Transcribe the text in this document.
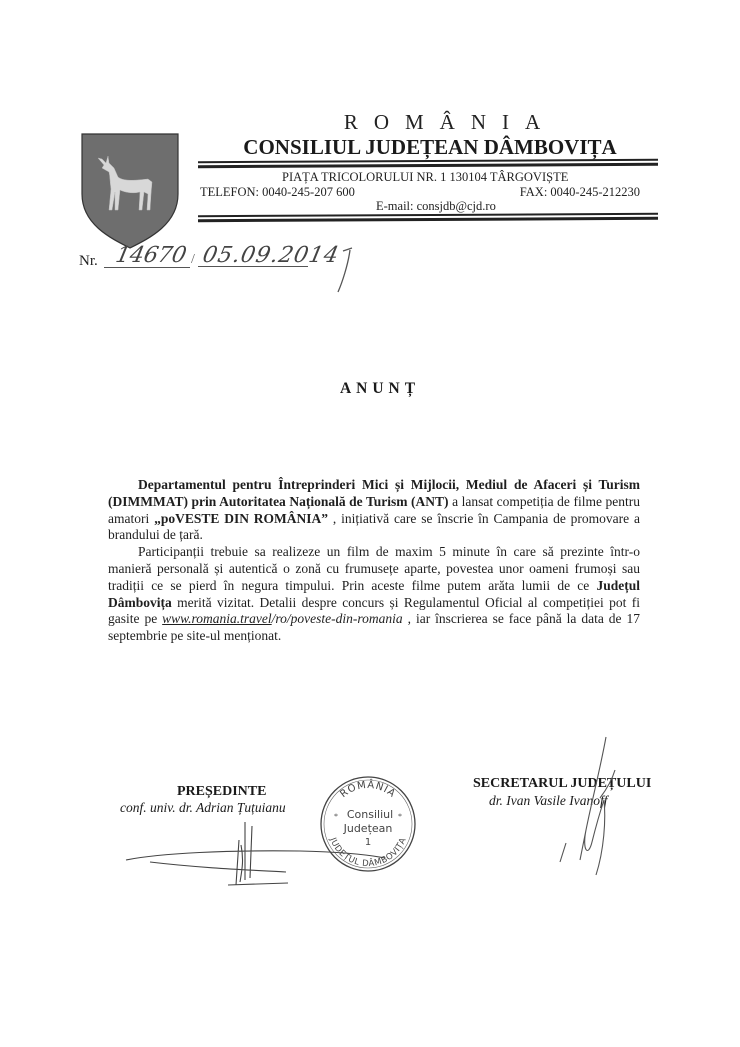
ROMÂNIA
CONSILIUL JUDEȚEAN DÂMBOVIȚA
PIAȚA TRICOLORULUI NR. 1 130104 TÂRGOVIȘTE
TELEFON: 0040-245-207 600	FAX: 0040-245-212230
E-mail: consjdb@cjd.ro
Nr. 14670 / 05.09.2014
ANUNȚ

Departamentul pentru Întreprinderi Mici și Mijlocii, Mediul de Afaceri și Turism (DIMMMAT) prin Autoritatea Națională de Turism (ANT) a lansat competiția de filme pentru amatori „poVESTE DIN ROMÂNIA” , inițiativă care se înscrie în Campania de promovare a brandului de țară.

Participanții trebuie sa realizeze un film de maxim 5 minute în care să prezinte într-o manieră personală și autentică o zonă cu frumusețe aparte, povestea unor oameni frumoși sau tradiții ce se pierd în negura timpului. Prin aceste filme putem arăta lumii de ce Județul Dâmbovița merită vizitat. Detalii despre concurs și Regulamentul Oficial al competiției pot fi gasite pe www.romania.travel/ro/poveste-din-romania , iar înscrierea se face până la data de 17 septembrie pe site-ul menționat.

PREȘEDINTE
conf. univ. dr. Adrian Țuțuianu
SECRETARUL JUDEȚULUI
dr. Ivan Vasile Ivanoff
ROMÂNIA
JUDEȚUL DÂMBOVIȚA
Consiliul
Județean
1
*	*
